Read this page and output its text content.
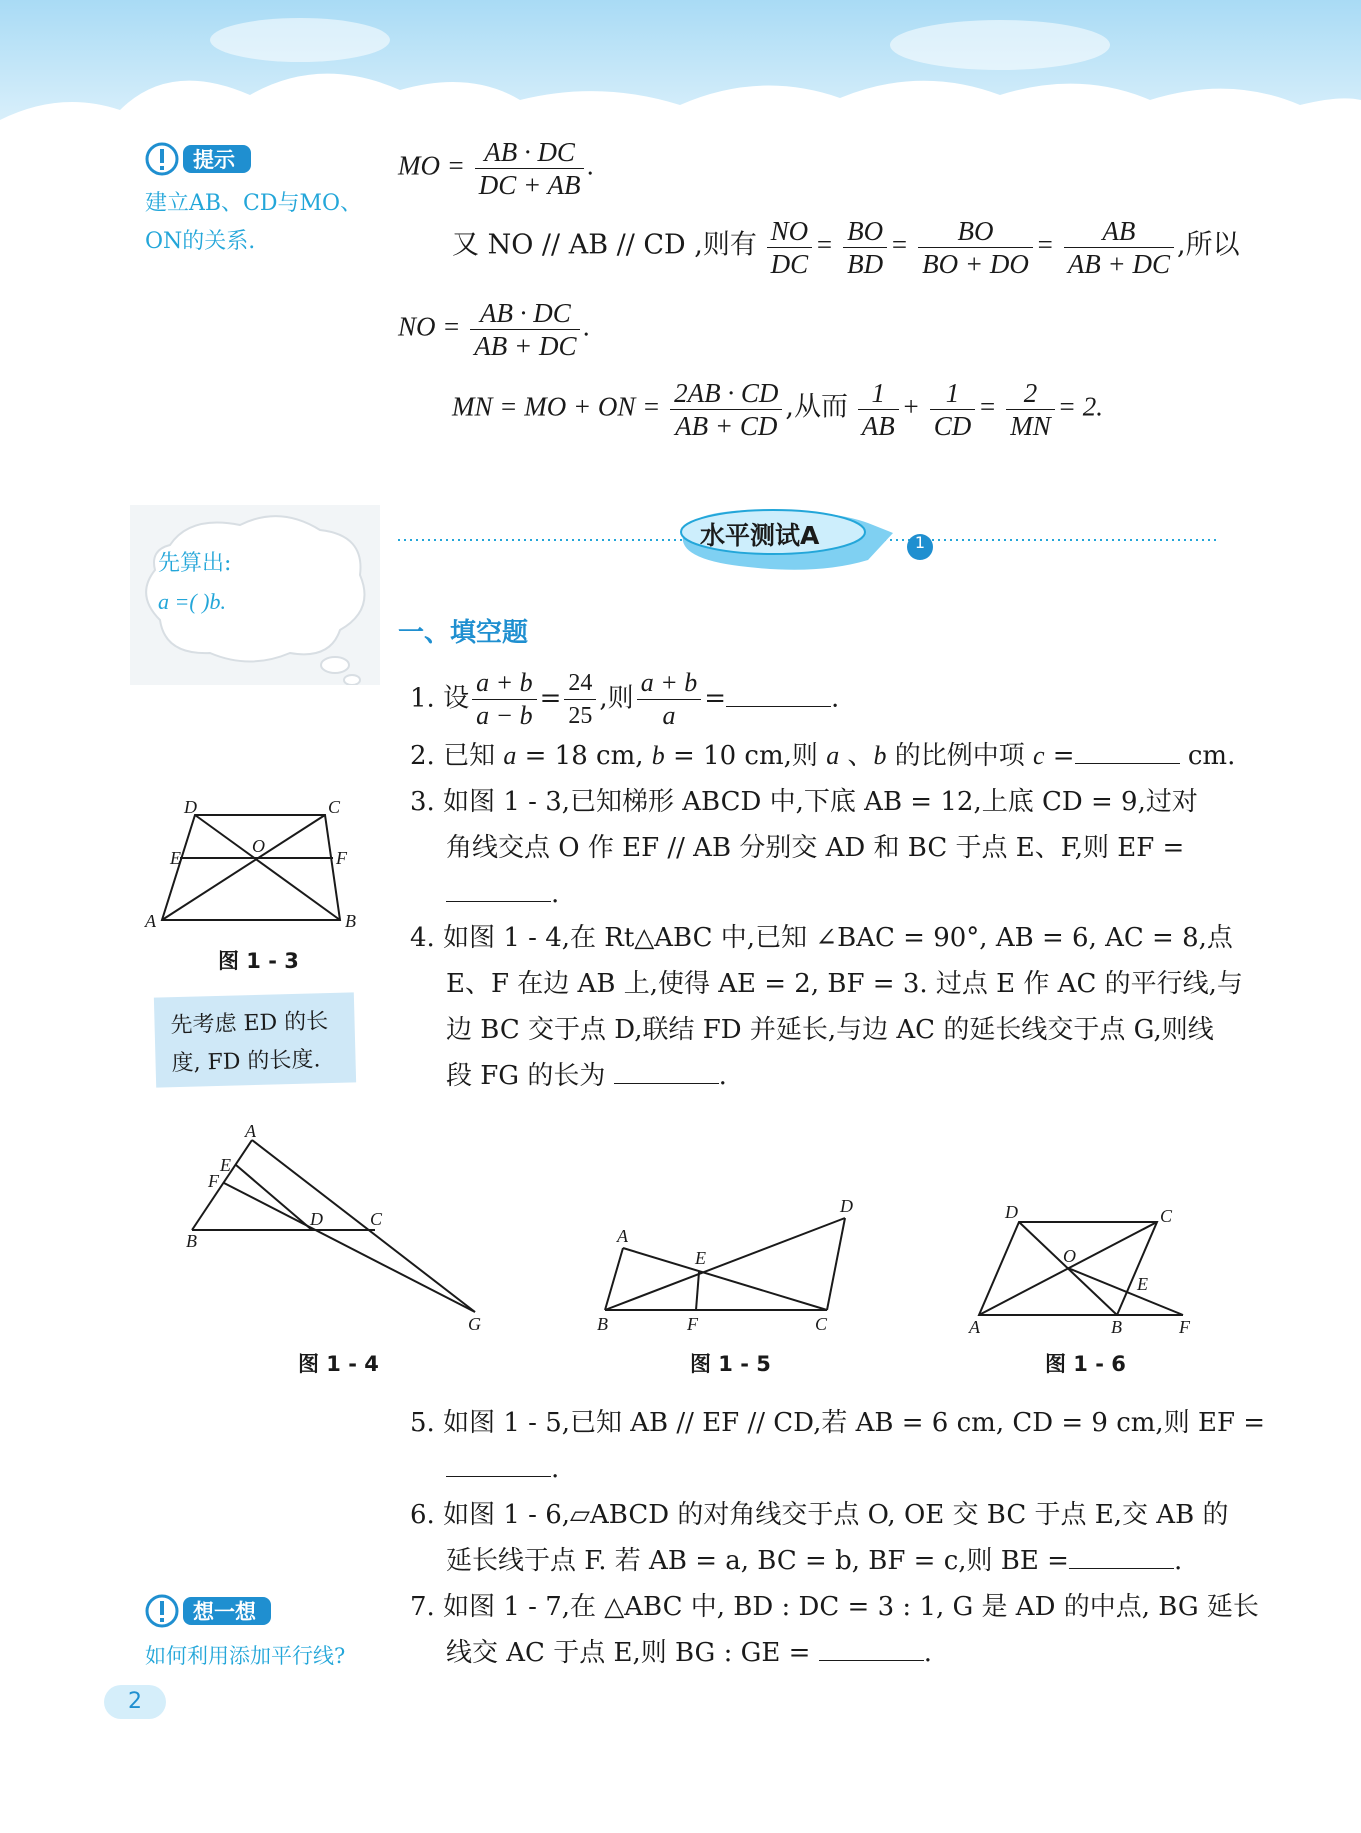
提示
建立AB、CD与MO、
ON的关系.
MO = $\frac{AB \cdot DC}{DC + AB}$ .
又 NO // AB // CD ,则有 $\frac{NO}{DC} = \frac{BO}{BD} = \frac{BO}{BO + DO} = \frac{AB}{AB + DC}$ ,所以
NO = $\frac{AB \cdot DC}{AB + DC}$ .
MN = MO + ON = $\frac{2AB \cdot CD}{AB + CD}$ ,从而 $\frac{1}{AB} + \frac{1}{CD} = \frac{2}{MN} = 2$.
先算出:
a =( )b.
水平测试A	1
一、填空题
1. 设 $\frac{a + b}{a - b} = \frac{24}{25}$ ,则 $\frac{a + b}{a}$ =	.
2. 已知 a = 18 cm, b = 10 cm,则 a 、b 的比例中项 c =	cm.
3. 如图 1 - 3,已知梯形 ABCD 中,下底 AB = 12,上底 CD = 9,过对
角线交点 O 作 EF // AB 分别交 AD 和 BC 于点 E、F,则 EF =
.
4. 如图 1 - 4,在 Rt△ABC 中,已知 ∠BAC = 90°, AB = 6, AC = 8,点
E、F 在边 AB 上,使得 AE = 2, BF = 3. 过点 E 作 AC 的平行线,与
边 BC 交于点 D,联结 FD 并延长,与边 AC 的延长线交于点 G,则线
段 FG 的长为	.
D	C
E
O
F
A	B
图 1 - 3
先考虑 ED 的长
度, FD 的长度.
A
E
F
B
D	C
G
图 1 - 4
A
E
D
B	F	C
图 1 - 5
D	C
O
E
A	B	F
图 1 - 6
5. 如图 1 - 5,已知 AB // EF // CD,若 AB = 6 cm, CD = 9 cm,则 EF =
.
6. 如图 1 - 6,▱ABCD 的对角线交于点 O, OE 交 BC 于点 E,交 AB 的
延长线于点 F. 若 AB = a, BC = b, BF = c,则 BE =	.
7. 如图 1 - 7,在 △ABC 中, BD : DC = 3 : 1, G 是 AD 的中点, BG 延长
线交 AC 于点 E,则 BG : GE =	.
想一想
如何利用添加平行线?
2
